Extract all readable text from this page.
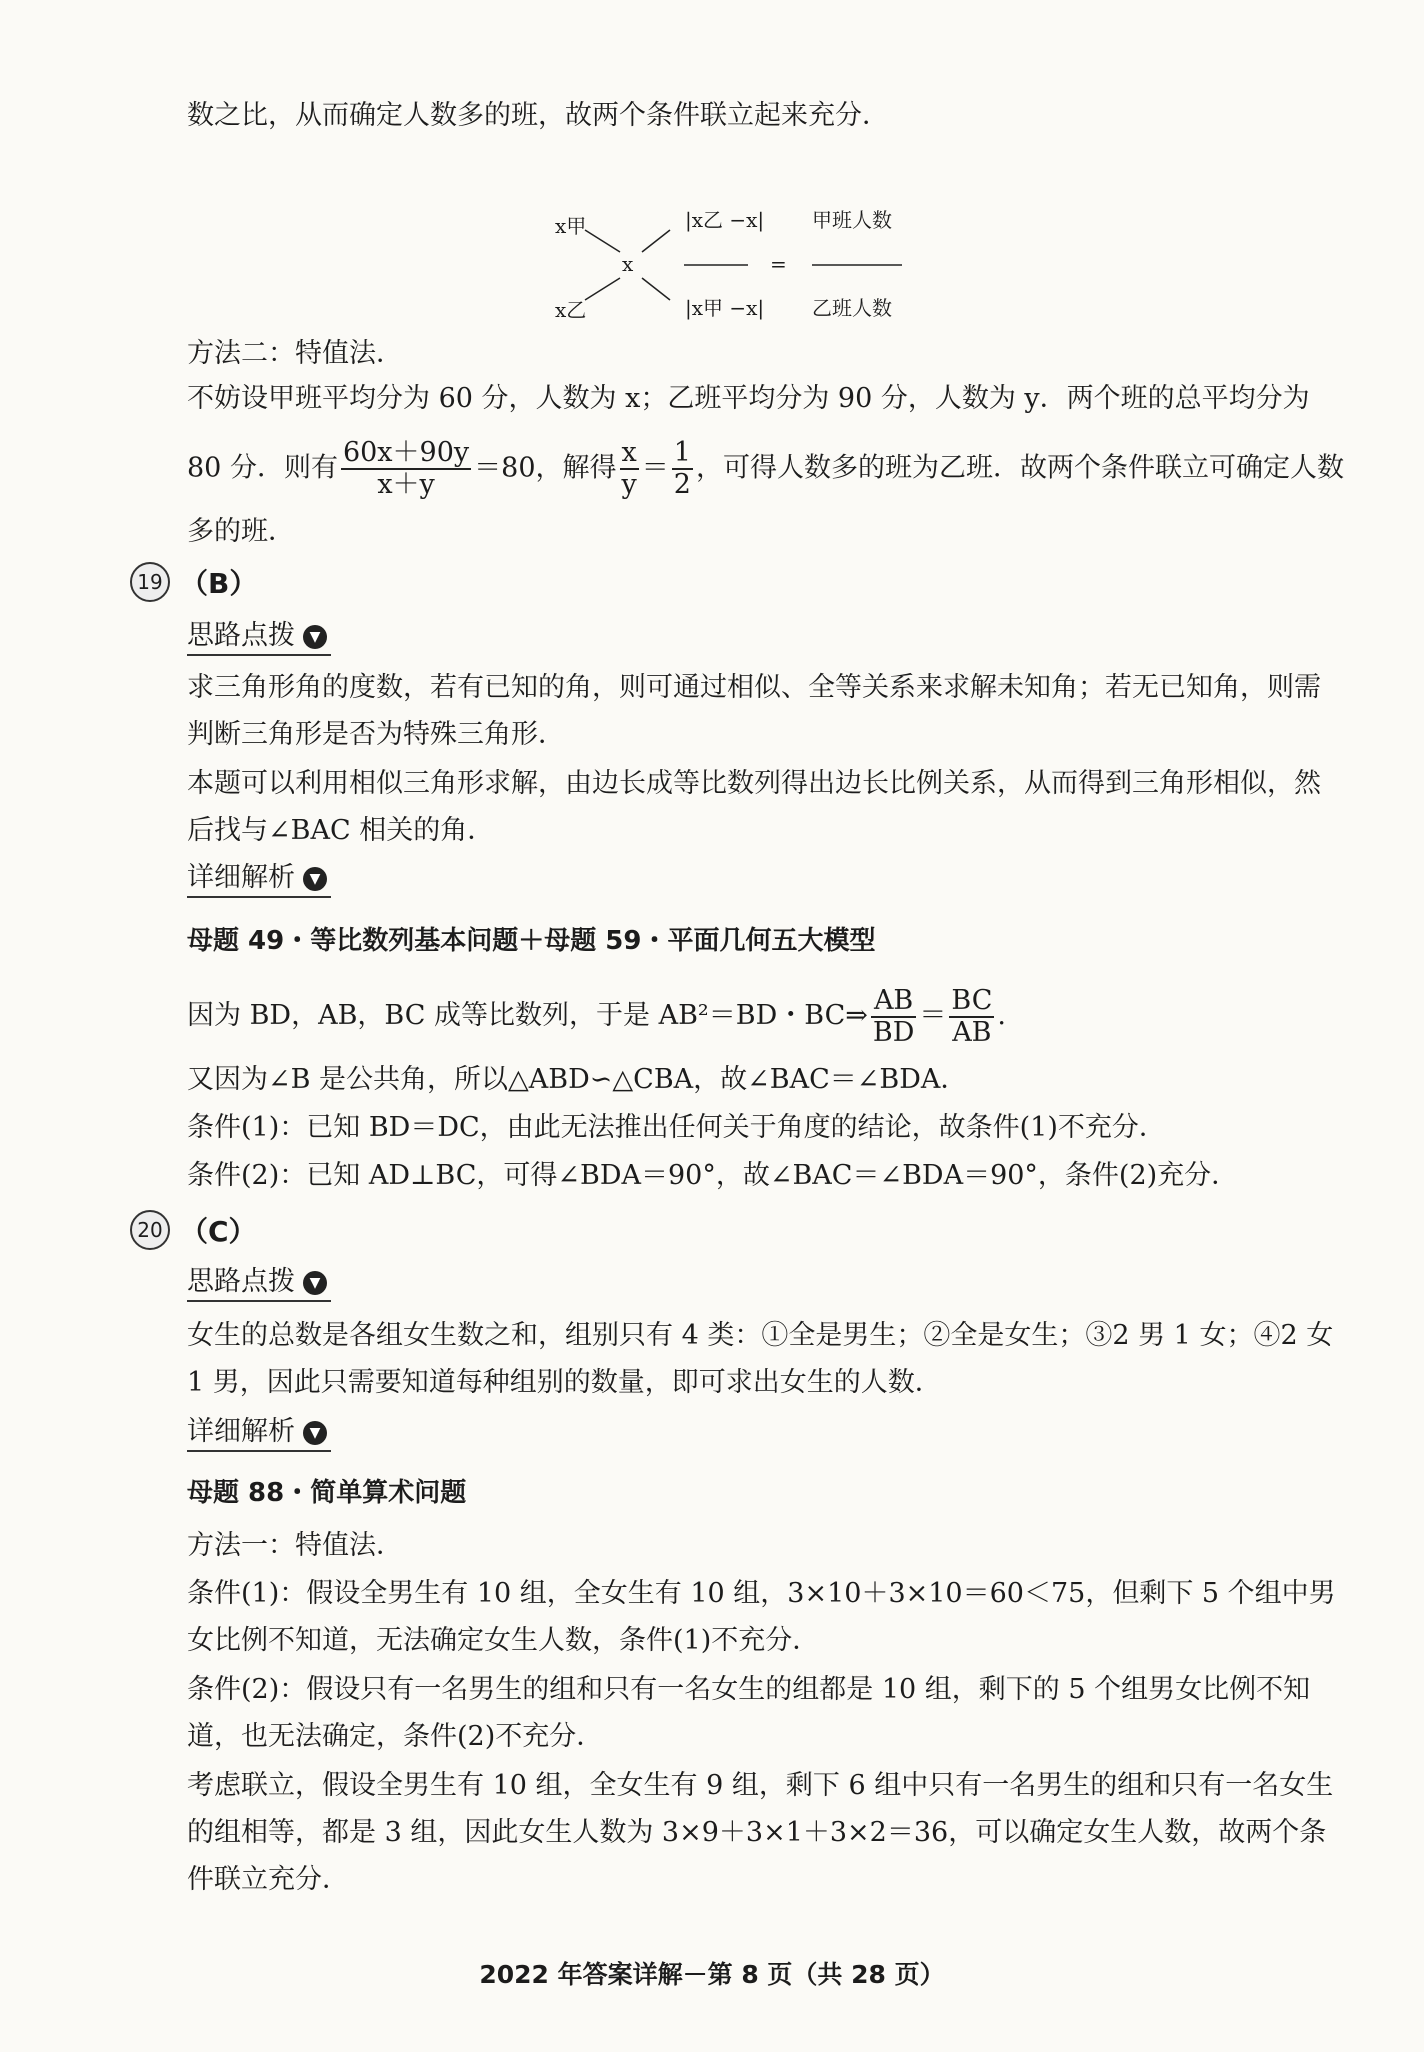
数之比，从而确定人数多的班，故两个条件联立起来充分．
x甲
x
x乙
|x乙 −x|
|x甲 −x|
=
甲班人数
乙班人数
方法二：特值法．
不妨设甲班平均分为 60 分，人数为 x；乙班平均分为 90 分，人数为 y．两个班的总平均分为
80 分．则有 $\frac{60x+90y}{x+y} =80$，解得 $\frac{x}{y} = \frac{1}{2}$ ，可得人数多的班为乙班．故两个条件联立可确定人数
多的班．
19 （B）
思路点拨 ▼
求三角形角的度数，若有已知的角，则可通过相似、全等关系来求解未知角；若无已知角，则需判断三角形是否为特殊三角形．
本题可以利用相似三角形求解，由边长成等比数列得出边长比例关系，从而得到三角形相似，然后找与∠BAC 相关的角．
详细解析 ▼
母题 49・等比数列基本问题＋母题 59・平面几何五大模型
因为 BD，AB，BC 成等比数列，于是 AB²＝BD・BC⇒ $\frac{AB}{BD} = \frac{BC}{AB}$ .
又因为∠B 是公共角，所以△ABD∽△CBA，故∠BAC＝∠BDA．
条件(1)：已知 BD＝DC，由此无法推出任何关于角度的结论，故条件(1)不充分．
条件(2)：已知 AD⊥BC，可得∠BDA＝90°，故∠BAC＝∠BDA＝90°，条件(2)充分．
20 （C）
思路点拨 ▼
女生的总数是各组女生数之和，组别只有 4 类：①全是男生；②全是女生；③2 男 1 女；④2 女 1 男，因此只需要知道每种组别的数量，即可求出女生的人数．
详细解析 ▼
母题 88・简单算术问题
方法一：特值法．
条件(1)：假设全男生有 10 组，全女生有 10 组，3×10＋3×10＝60＜75，但剩下 5 个组中男女比例不知道，无法确定女生人数，条件(1)不充分．
条件(2)：假设只有一名男生的组和只有一名女生的组都是 10 组，剩下的 5 个组男女比例不知道，也无法确定，条件(2)不充分．
考虑联立，假设全男生有 10 组，全女生有 9 组，剩下 6 组中只有一名男生的组和只有一名女生的组相等，都是 3 组，因此女生人数为 3×9＋3×1＋3×2＝36，可以确定女生人数，故两个条件联立充分．
2022 年答案详解－第 8 页（共 28 页）
